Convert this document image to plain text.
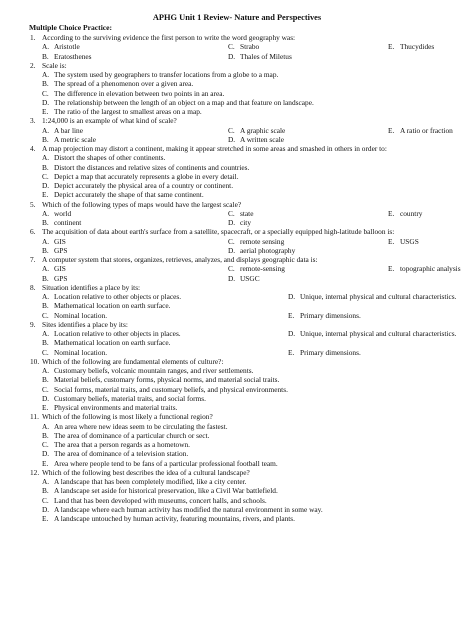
APHG Unit 1 Review- Nature and Perspectives
Multiple Choice Practice:
1. According to the surviving evidence the first person to write the word geography was:
A. Aristotle	C. Strabo	E. Thucydides
B. Eratosthenes	D. Thales of Miletus
2. Scale is:
A. The system used by geographers to transfer locations from a globe to a map.
B. The spread of a phenomenon over a given area.
C. The difference in elevation between two points in an area.
D. The relationship between the length of an object on a map and that feature on landscape.
E. The ratio of the largest to smallest areas on a map.
3. 1:24,000 is an example of what kind of scale?
A. A bar line	C. A graphic scale	E. A ratio or fraction
B. A metric scale	D. A written scale
4. A map projection may distort a continent, making it appear stretched in some areas and smashed in others in order to:
A. Distort the shapes of other continents.
B. Distort the distances and relative sizes of continents and countries.
C. Depict a map that accurately represents a globe in every detail.
D. Depict accurately the physical area of a country or continent.
E. Depict accurately the shape of that same continent.
5. Which of the following types of maps would have the largest scale?
A. world	C. state	E. country
B. continent	D. city
6. The acquisition of data about earth's surface from a satellite, spacecraft, or a specially equipped high-latitude balloon is:
A. GIS	C. remote sensing	E. USGS
B. GPS	D. aerial photography
7. A computer system that stores, organizes, retrieves, analyzes, and displays geographic data is:
A. GIS	C. remote-sensing	E. topographic analysis
B. GPS	D. USGC
8. Situation identifies a place by its:
A. Location relative to other objects or places.	D. Unique, internal physical and cultural characteristics.
B. Mathematical location on earth surface.
C. Nominal location.	E. Primary dimensions.
9. Sites identifies a place by its:
A. Location relative to other objects in places.	D. Unique, internal physical and cultural characteristics.
B. Mathematical location on earth surface.
C. Nominal location.	E. Primary dimensions.
10. Which of the following are fundamental elements of culture?:
A. Customary beliefs, volcanic mountain ranges, and river settlements.
B. Material beliefs, customary forms, physical norms, and material social traits.
C. Social forms, material traits, and customary beliefs, and physical environments.
D. Customary beliefs, material traits, and social forms.
E. Physical environments and material traits.
11. Which of the following is most likely a functional region?
A. An area where new ideas seem to be circulating the fastest.
B. The area of dominance of a particular church or sect.
C. The area that a person regards as a hometown.
D. The area of dominance of a television station.
E. Area where people tend to be fans of a particular professional football team.
12. Which of the following best describes the idea of a cultural landscape?
A. A landscape that has been completely modified, like a city center.
B. A landscape set aside for historical preservation, like a Civil War battlefield.
C. Land that has been developed with museums, concert halls, and schools.
D. A landscape where each human activity has modified the natural environment in some way.
E. A landscape untouched by human activity, featuring mountains, rivers, and plants.
